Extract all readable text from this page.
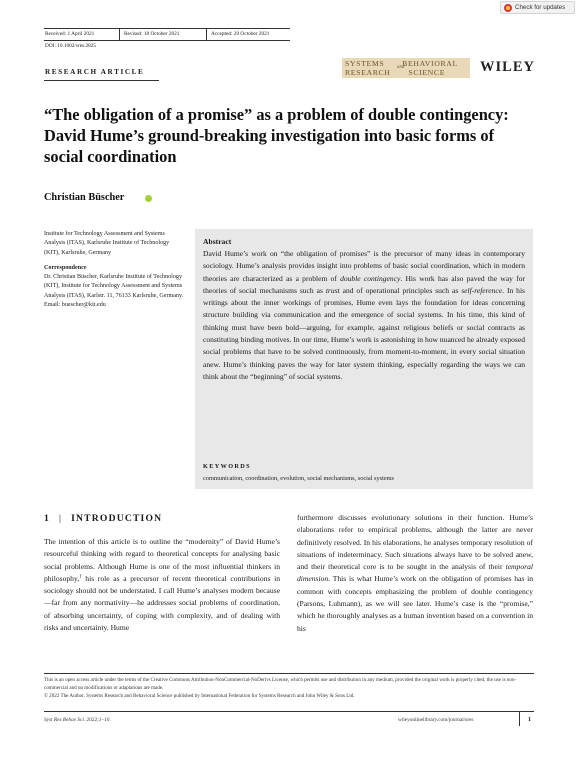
Check for updates
Received: 1 April 2021	Revised: 18 October 2021	Accepted: 20 October 2021
DOI: 10.1002/sres.2825
RESEARCH ARTICLE
SYSTEMS BEHAVIORAL
and
RESEARCH SCIENCE WILEY
“The obligation of a promise” as a problem of double contingency: David Hume’s ground-breaking investigation into basic forms of social coordination
Christian Büscher
Institute for Technology Assessment and Systems Analysis (ITAS), Karlsruhe Institute of Technology (KIT), Karlsruhe, Germany
Correspondence
Dr. Christian Büscher, Karlsruhe Institute of Technology (KIT), Institute for Technology Assessment and Systems Analysis (ITAS), Karlstr. 11, 76133 Karlsruhe, Germany.
Email: buescher@kit.edu
Abstract
David Hume’s work on “the obligation of promises” is the precursor of many ideas in contemporary sociology. Hume’s analysis provides insight into problems of basic social coordination, which in modern theories are characterized as a problem of double contingency. His work has also paved the way for theories of social mechanisms such as trust and of operational principles such as self-reference. In his writings about the inner workings of promises, Hume even lays the foundation for ideas concerning structure building via communication and the emergence of social systems. In his time, this kind of thinking must have been bold—arguing, for example, against religious beliefs or social contracts as constituting binding motives. In our time, Hume’s work is astonishing in how nuanced he already exposed social problems that have to be solved continuously, from moment-to-moment, in every social situation anew. Hume’s thinking paves the way for later system thinking, especially regarding the ways we can think about the “beginning” of social systems.
KEYWORDS
communication, coordination, evolution, social mechanisms, social systems
1 | INTRODUCTION
The intention of this article is to outline the “modernity” of David Hume’s resourceful thinking with regard to theoretical concepts for analysing basic social problems. Although Hume is one of the most influential thinkers in philosophy,$^1$ his role as a precursor of recent theoretical contributions in sociology should not be understated. I call Hume’s analyses modern because—far from any normativity—he addresses social problems of coordination, of absorbing uncertainty, of coping with complexity, and of dealing with risks and uncertainty. Hume
furthermore discusses evolutionary solutions in their function. Hume’s elaborations refer to empirical problems, although the latter are never definitively resolved. In his elaborations, he analyses temporary resolution of situations of indeterminacy. Such situations always have to be solved anew, and their theoretical core is to be sought in the analysis of their temporal dimension. This is what Hume’s work on the obligation of promises has in common with concepts emphasizing the problem of double contingency (Parsons, Luhmann), as we will see later. Hume’s case is the “promise,” which he thoroughly analyses as a human invention based on a convention in his
This is an open access article under the terms of the Creative Commons Attribution-NonCommercial-NoDerivs License, which permits use and distribution in any medium, provided the original work is properly cited, the use is non-commercial and no modifications or adaptations are made.
© 2022 The Author. Systems Research and Behavioral Science published by International Federation for Systems Research and John Wiley & Sons Ltd.
Syst Res Behav Sci. 2022;1–10.	wileyonlinelibrary.com/journal/sres	1
